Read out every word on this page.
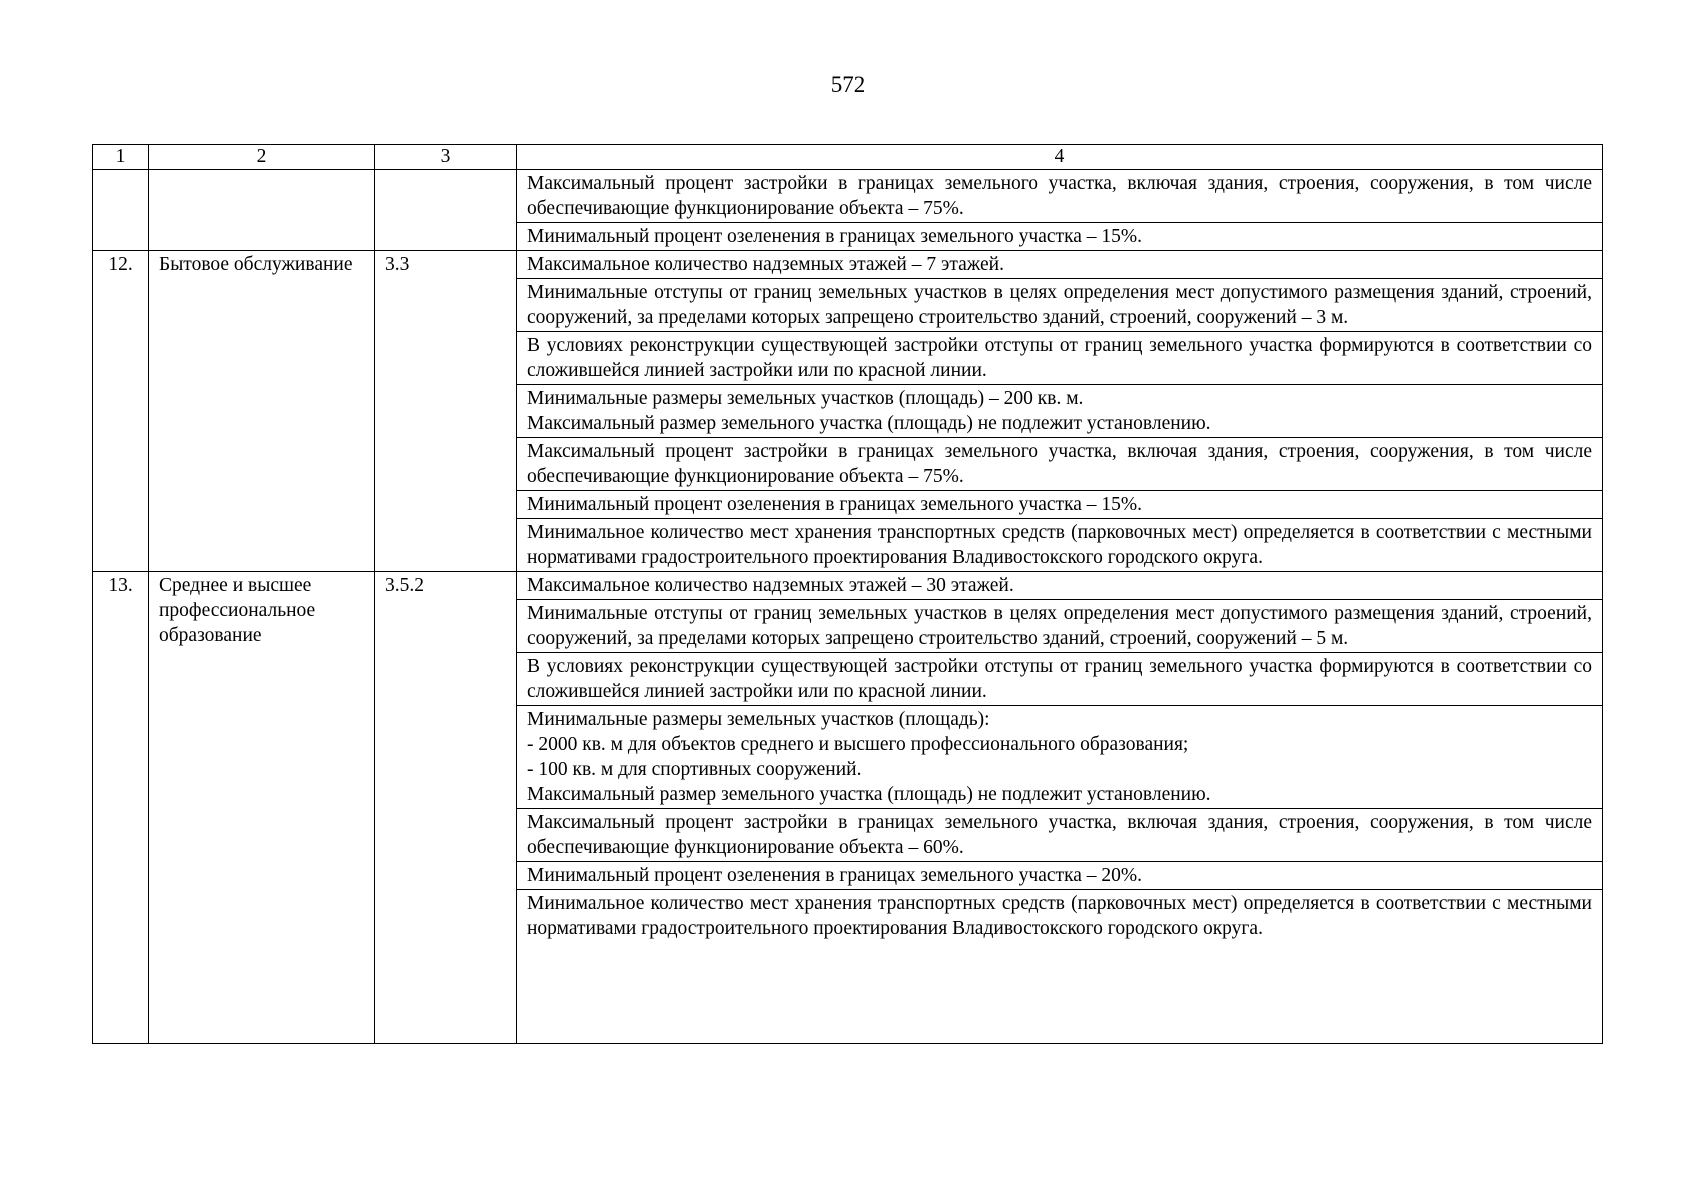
572
1	2	3	4

			Максимальный процент застройки в границах земельного участка, включая здания, строения, сооружения, в том числе обеспечивающие функционирование объекта – 75%.

			Минимальный процент озеленения в границах земельного участка – 15%.

12.	Бытовое обслуживание	3.3	Максимальное количество надземных этажей – 7 этажей.

			Минимальные отступы от границ земельных участков в целях определения мест допустимого размещения зданий, строений, сооружений, за пределами которых запрещено строительство зданий, строений, сооружений – 3 м.

			В условиях реконструкции существующей застройки отступы от границ земельного участка формируются в соответствии со сложившейся линией застройки или по красной линии.

			Минимальные размеры земельных участков (площадь) – 200 кв. м.
Максимальный размер земельного участка (площадь) не подлежит установлению.

			Максимальный процент застройки в границах земельного участка, включая здания, строения, сооружения, в том числе обеспечивающие функционирование объекта – 75%.

			Минимальный процент озеленения в границах земельного участка – 15%.

			Минимальное количество мест хранения транспортных средств (парковочных мест) определяется в соответствии с местными нормативами градостроительного проектирования Владивостокского городского округа.

13.	Среднее и высшее профессиональное образование	3.5.2	Максимальное количество надземных этажей – 30 этажей.

			Минимальные отступы от границ земельных участков в целях определения мест допустимого размещения зданий, строений, сооружений, за пределами которых запрещено строительство зданий, строений, сооружений – 5 м.

			В условиях реконструкции существующей застройки отступы от границ земельного участка формируются в соответствии со сложившейся линией застройки или по красной линии.

			Минимальные размеры земельных участков (площадь):
- 2000 кв. м для объектов среднего и высшего профессионального образования;
- 100 кв. м для спортивных сооружений.
Максимальный размер земельного участка (площадь) не подлежит установлению.

			Максимальный процент застройки в границах земельного участка, включая здания, строения, сооружения, в том числе обеспечивающие функционирование объекта – 60%.

			Минимальный процент озеленения в границах земельного участка – 20%.

			Минимальное количество мест хранения транспортных средств (парковочных мест) определяется в соответствии с местными нормативами градостроительного проектирования Владивостокского городского округа.
